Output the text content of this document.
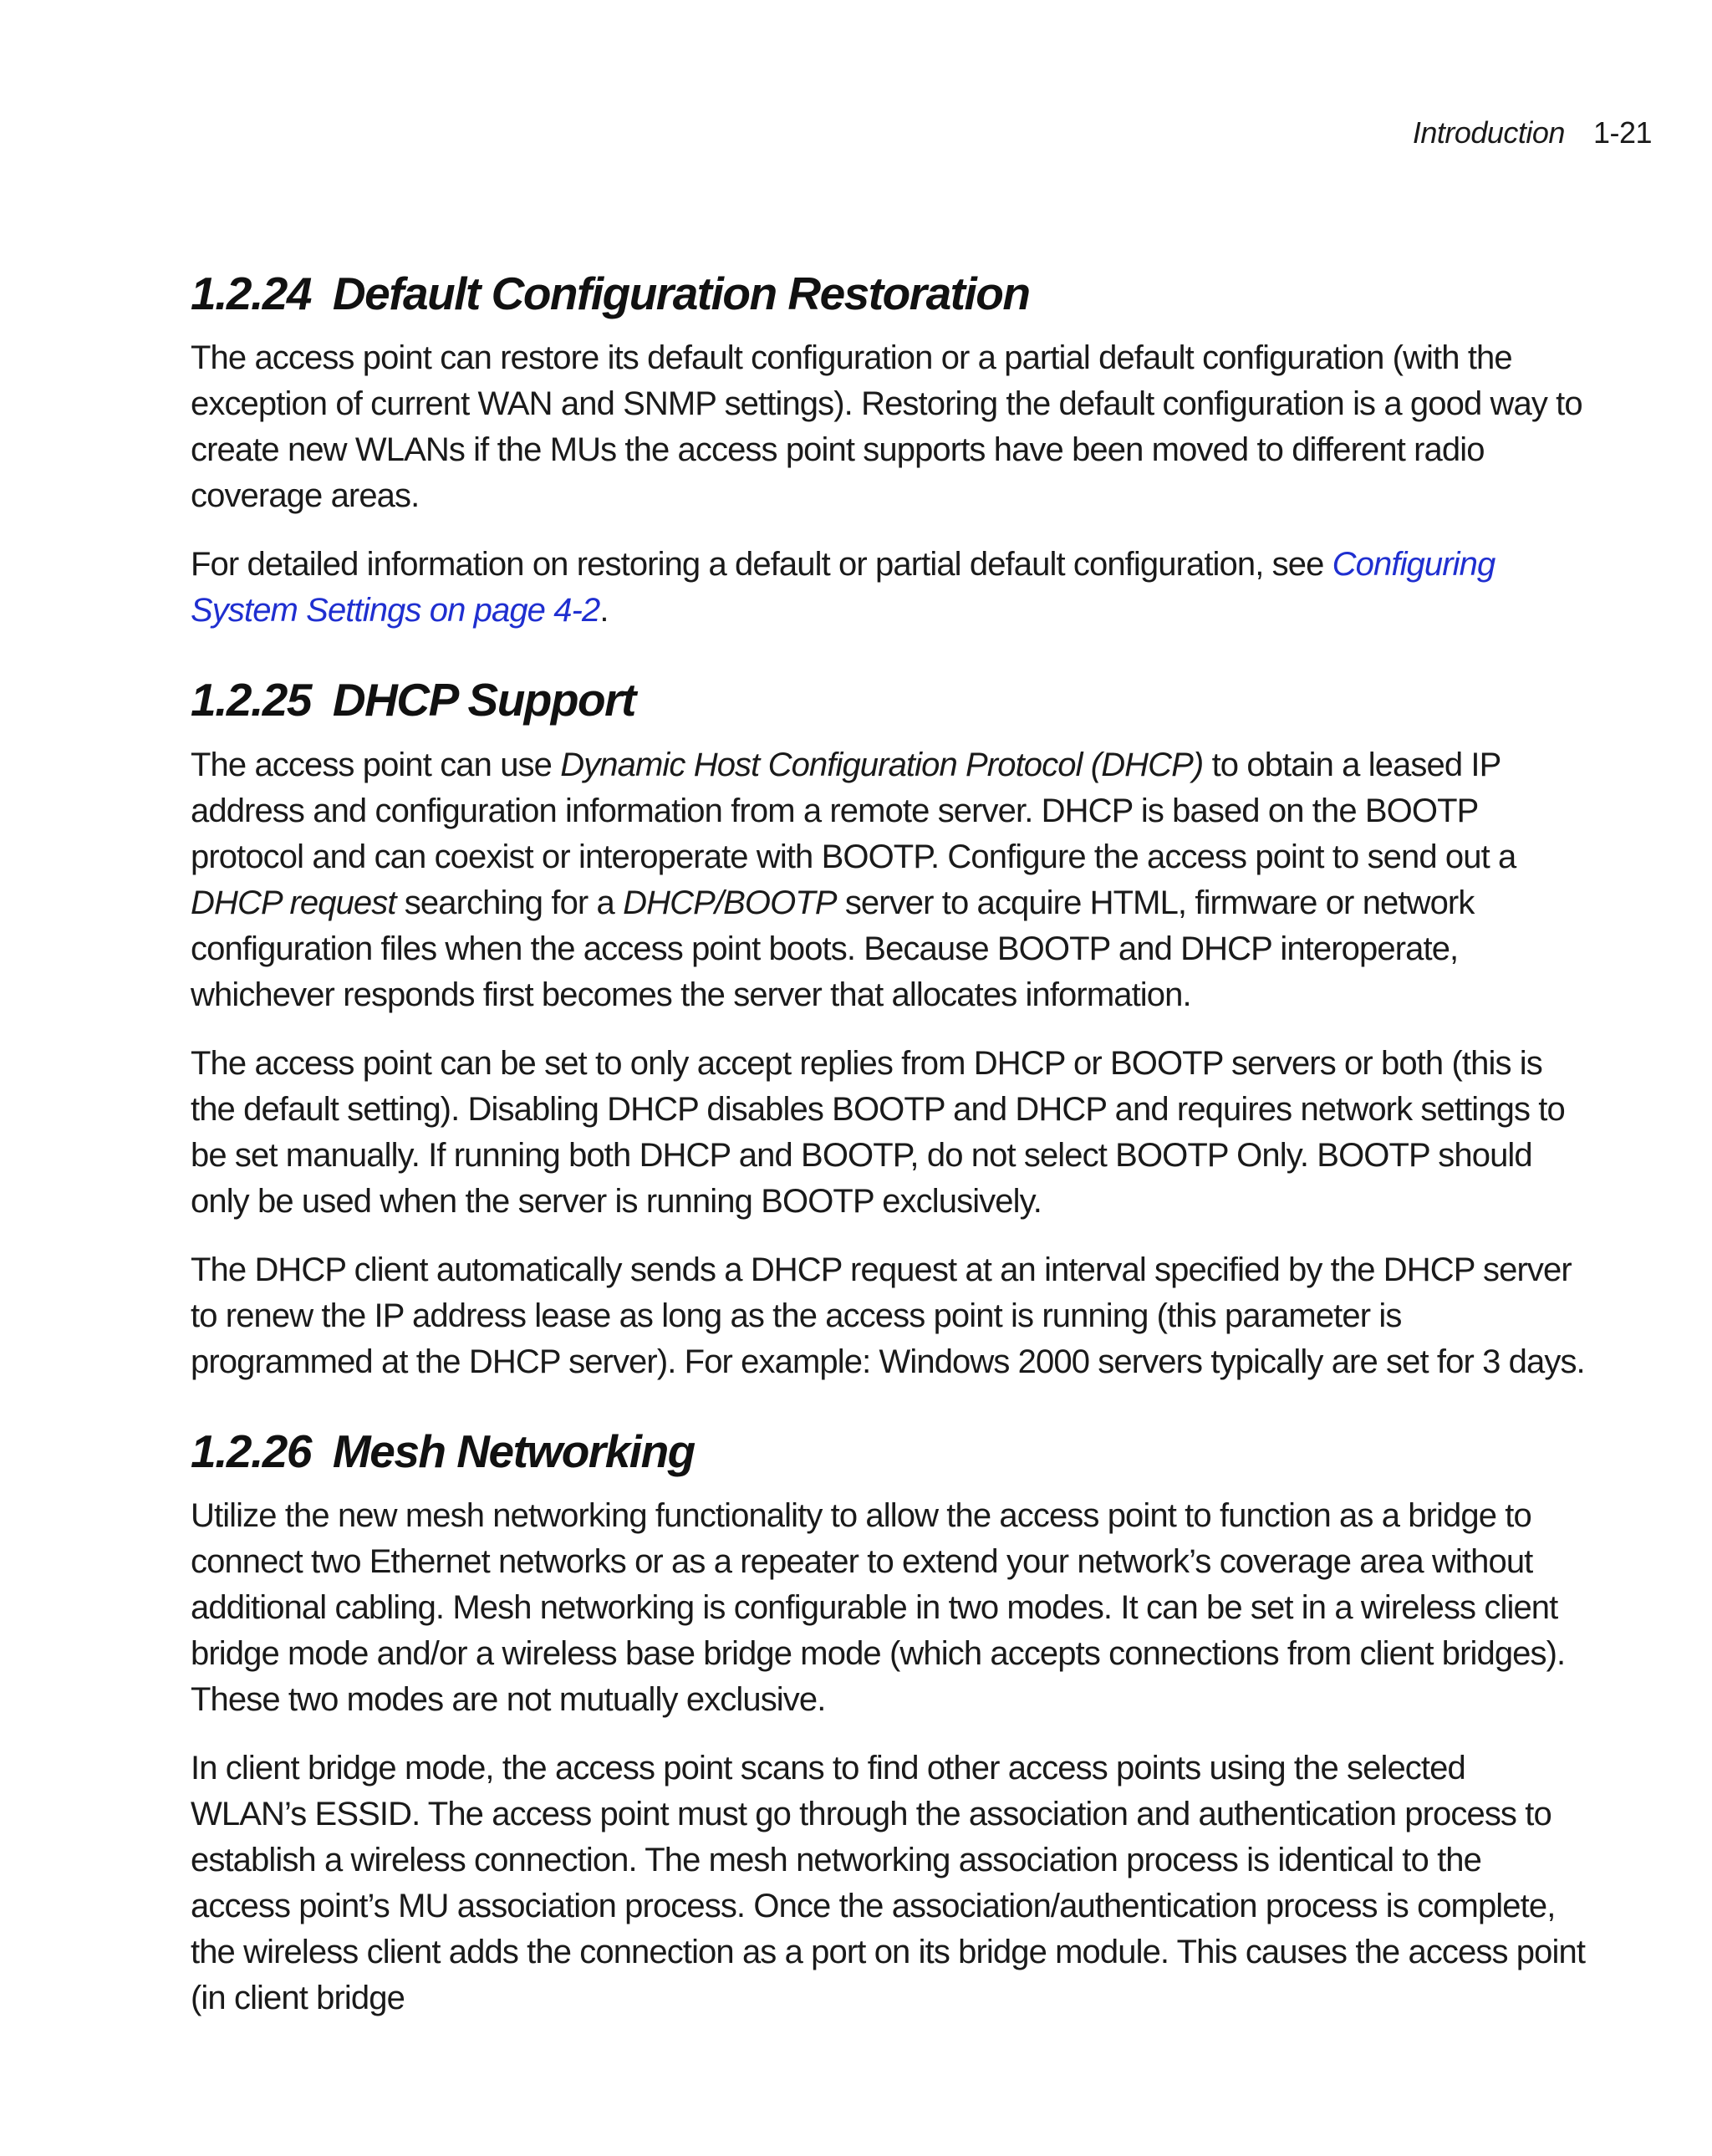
Introduction 1-21
1.2.24 Default Configuration Restoration

The access point can restore its default configuration or a partial default configuration (with the exception of current WAN and SNMP settings). Restoring the default configuration is a good way to create new WLANs if the MUs the access point supports have been moved to different radio coverage areas.

For detailed information on restoring a default or partial default configuration, see Configuring System Settings on page 4-2.

1.2.25 DHCP Support

The access point can use Dynamic Host Configuration Protocol (DHCP) to obtain a leased IP address and configuration information from a remote server. DHCP is based on the BOOTP protocol and can coexist or interoperate with BOOTP. Configure the access point to send out a DHCP request searching for a DHCP/BOOTP server to acquire HTML, firmware or network configuration files when the access point boots. Because BOOTP and DHCP interoperate, whichever responds first becomes the server that allocates information.

The access point can be set to only accept replies from DHCP or BOOTP servers or both (this is the default setting). Disabling DHCP disables BOOTP and DHCP and requires network settings to be set manually. If running both DHCP and BOOTP, do not select BOOTP Only. BOOTP should only be used when the server is running BOOTP exclusively.

The DHCP client automatically sends a DHCP request at an interval specified by the DHCP server to renew the IP address lease as long as the access point is running (this parameter is programmed at the DHCP server). For example: Windows 2000 servers typically are set for 3 days.

1.2.26 Mesh Networking

Utilize the new mesh networking functionality to allow the access point to function as a bridge to connect two Ethernet networks or as a repeater to extend your network’s coverage area without additional cabling. Mesh networking is configurable in two modes. It can be set in a wireless client bridge mode and/or a wireless base bridge mode (which accepts connections from client bridges). These two modes are not mutually exclusive.

In client bridge mode, the access point scans to find other access points using the selected WLAN’s ESSID. The access point must go through the association and authentication process to establish a wireless connection. The mesh networking association process is identical to the access point’s MU association process. Once the association/authentication process is complete, the wireless client adds the connection as a port on its bridge module. This causes the access point (in client bridge
